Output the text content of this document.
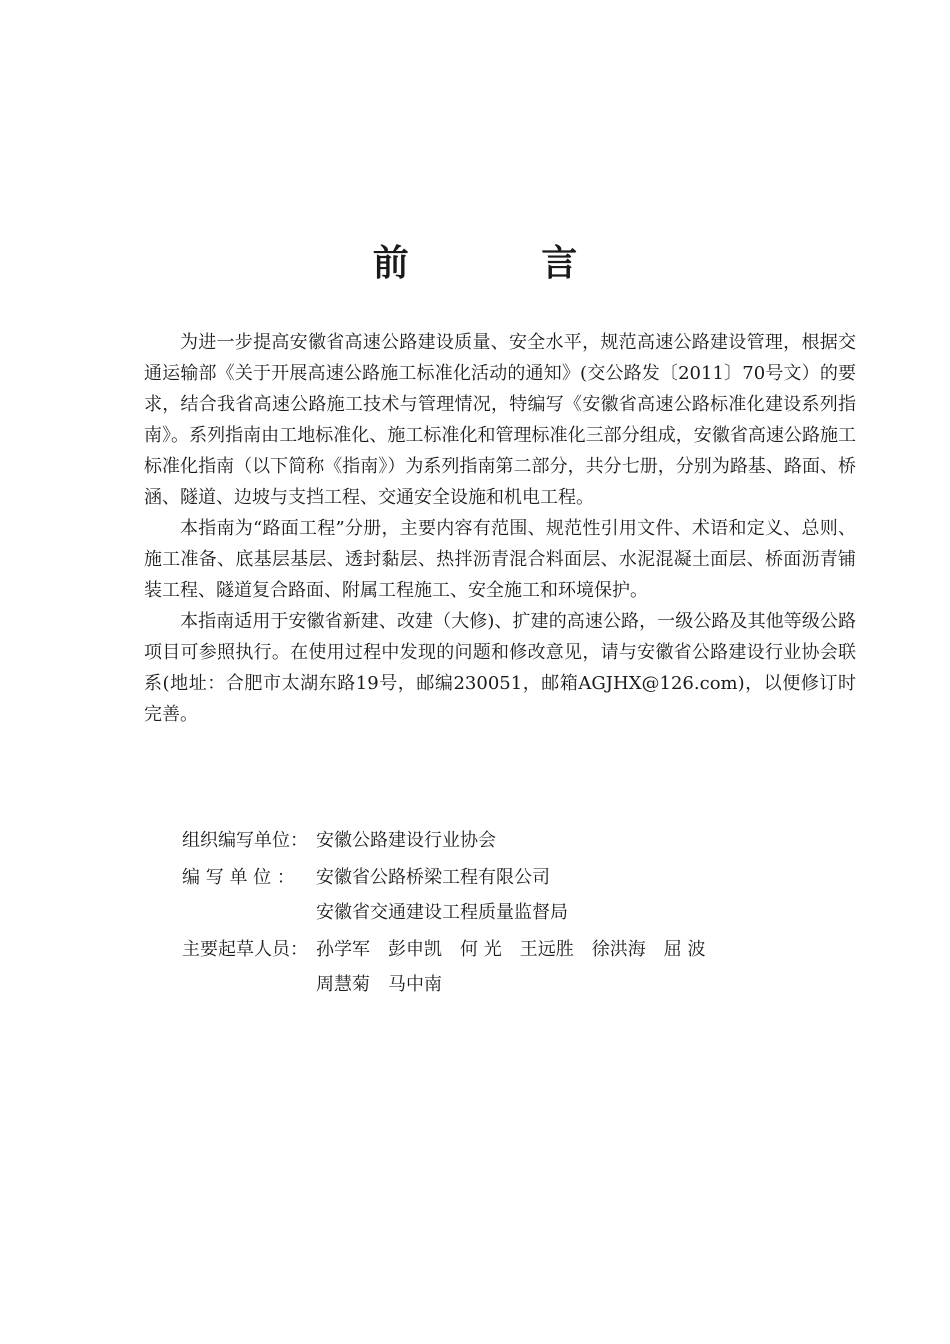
前 言

为进一步提高安徽省高速公路建设质量、安全水平，规范高速公路建设管理，根据交通运输部《关于开展高速公路施工标准化活动的通知》(交公路发〔2011〕70号文）的要求，结合我省高速公路施工技术与管理情况，特编写《安徽省高速公路标准化建设系列指南》。系列指南由工地标准化、施工标准化和管理标准化三部分组成，安徽省高速公路施工标准化指南（以下简称《指南》）为系列指南第二部分，共分七册，分别为路基、路面、桥涵、隧道、边坡与支挡工程、交通安全设施和机电工程。

本指南为“路面工程”分册，主要内容有范围、规范性引用文件、术语和定义、总则、施工准备、底基层基层、透封黏层、热拌沥青混合料面层、水泥混凝土面层、桥面沥青铺装工程、隧道复合路面、附属工程施工、安全施工和环境保护。

本指南适用于安徽省新建、改建（大修)、扩建的高速公路，一级公路及其他等级公路项目可参照执行。在使用过程中发现的问题和修改意见，请与安徽省公路建设行业协会联系(地址：合肥市太湖东路19号，邮编230051，邮箱AGJHX@126.com)，以便修订时完善。

组织编写单位： 安徽公路建设行业协会
编 写 单 位 ：	安徽省公路桥梁工程有限公司
安徽省交通建设工程质量监督局
主要起草人员： 孙学军　彭申凯　何 光　王远胜　徐洪海　屈 波
周慧菊　马中南
